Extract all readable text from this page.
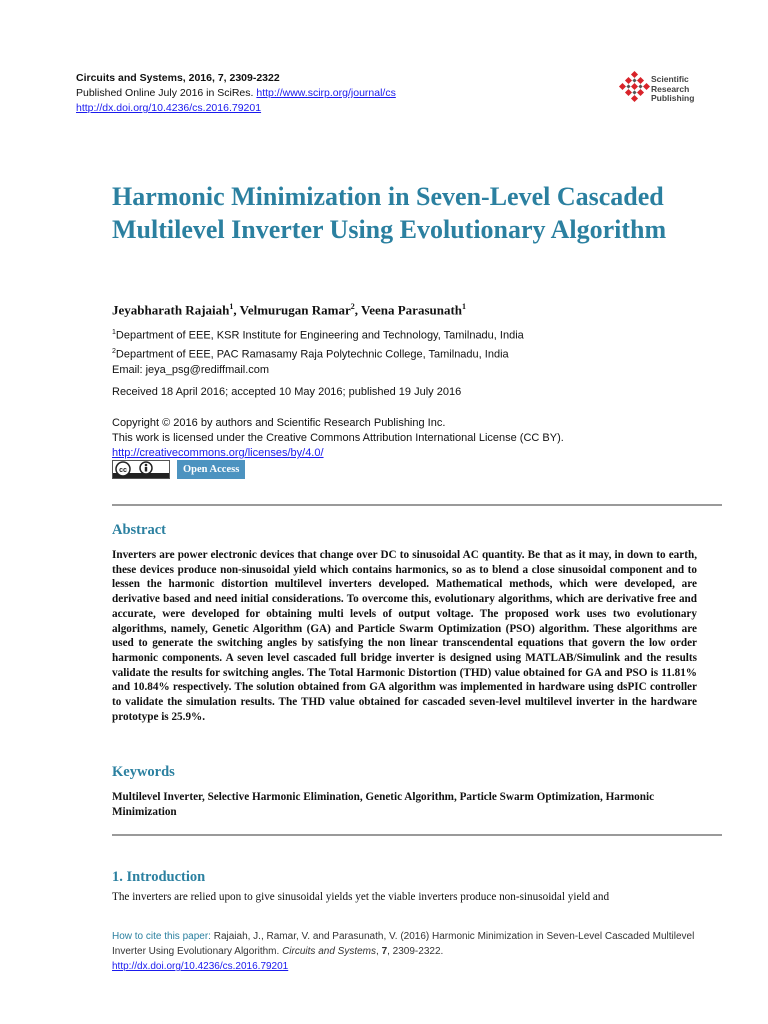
Circuits and Systems, 2016, 7, 2309-2322
Published Online July 2016 in SciRes. http://www.scirp.org/journal/cs
http://dx.doi.org/10.4236/cs.2016.79201
Scientific
Research
Publishing
Harmonic Minimization in Seven-Level Cascaded Multilevel Inverter Using Evolutionary Algorithm
Jeyabharath Rajaiah$^1$, Velmurugan Ramar$^2$, Veena Parasunath$^1$
$^1$Department of EEE, KSR Institute for Engineering and Technology, Tamilnadu, India
$^2$Department of EEE, PAC Ramasamy Raja Polytechnic College, Tamilnadu, India
Email: jeya_psg@rediffmail.com
Received 18 April 2016; accepted 10 May 2016; published 19 July 2016
Copyright © 2016 by authors and Scientific Research Publishing Inc.
This work is licensed under the Creative Commons Attribution International License (CC BY).
http://creativecommons.org/licenses/by/4.0/
cc	Open Access
Abstract
Inverters are power electronic devices that change over DC to sinusoidal AC quantity. Be that as it may, in down to earth, these devices produce non-sinusoidal yield which contains harmonics, so as to blend a close sinusoidal component and to lessen the harmonic distortion multilevel inverters developed. Mathematical methods, which were developed, are derivative based and need initial considerations. To overcome this, evolutionary algorithms, which are derivative free and accurate, were developed for obtaining multi levels of output voltage. The proposed work uses two evolutionary algorithms, namely, Genetic Algorithm (GA) and Particle Swarm Optimization (PSO) algorithm. These algorithms are used to generate the switching angles by satisfying the non linear transcendental equations that govern the low order harmonic components. A seven level cascaded full bridge inverter is designed using MATLAB/Simulink and the results validate the results for switching angles. The Total Harmonic Distortion (THD) value obtained for GA and PSO is 11.81% and 10.84% respectively. The solution obtained from GA algorithm was implemented in hardware using dsPIC controller to validate the simulation results. The THD value obtained for cascaded seven-level multilevel inverter in the hardware prototype is 25.9%.
Keywords
Multilevel Inverter, Selective Harmonic Elimination, Genetic Algorithm, Particle Swarm Optimization, Harmonic Minimization
1. Introduction
The inverters are relied upon to give sinusoidal yields yet the viable inverters produce non-sinusoidal yield and
How to cite this paper: Rajaiah, J., Ramar, V. and Parasunath, V. (2016) Harmonic Minimization in Seven-Level Cascaded Multilevel Inverter Using Evolutionary Algorithm. Circuits and Systems, 7, 2309-2322.
http://dx.doi.org/10.4236/cs.2016.79201
